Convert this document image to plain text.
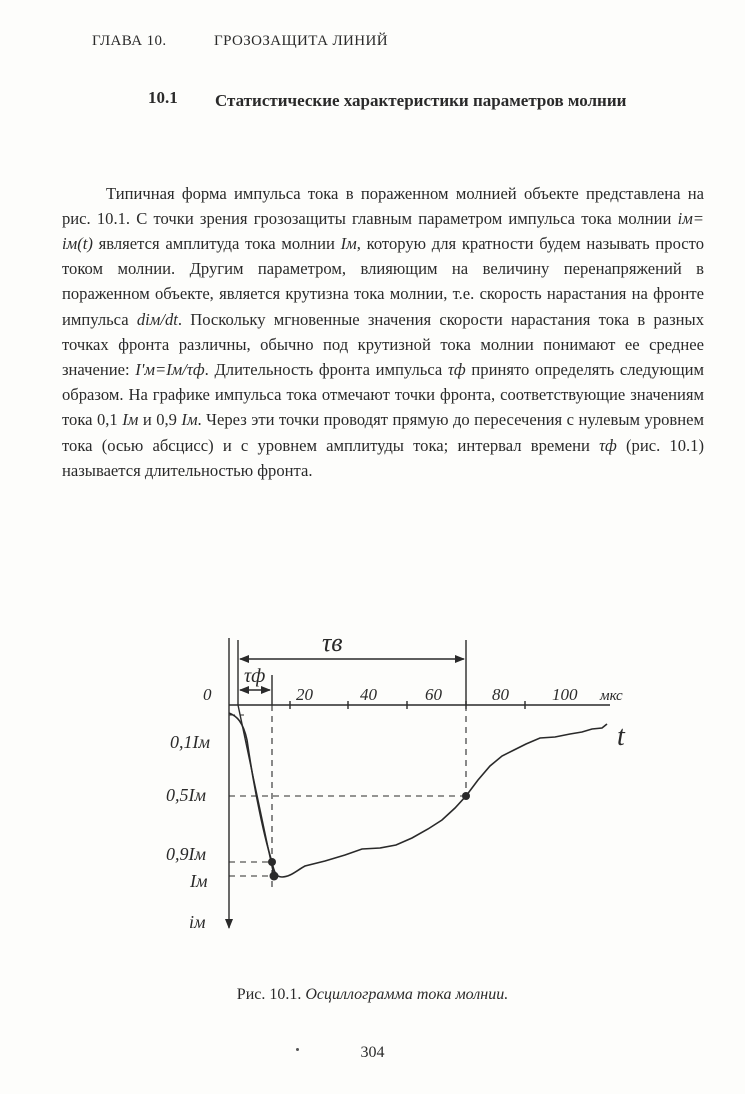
ГЛАВА 10.	ГРОЗОЗАЩИТА ЛИНИЙ
10.1 Статистические характеристики параметров молнии

Типичная форма импульса тока в пораженном молнией объекте представлена на рис. 10.1. С точки зрения грозозащиты главным параметром импульса тока молнии iм= iм(t) является амплитуда тока молнии Iм, которую для кратности будем называть просто током молнии. Другим параметром, влияющим на величину перенапряжений в пораженном объекте, является крутизна тока молнии, т.е. скорость нарастания на фронте импульса diм/dt. Поскольку мгновенные значения скорости нарастания тока в разных точках фронта различны, обычно под крутизной тока молнии понимают ее среднее значение: I'м=Iм/τф. Длительность фронта импульса τф принято определять следующим образом. На графике импульса тока отмечают точки фронта, соответствующие значениям тока 0,1 Iм и 0,9 Iм. Через эти точки проводят прямую до пересечения с нулевым уровнем тока (осью абсцисс) и с уровнем амплитуды тока; интервал времени τф (рис. 10.1) называется длительностью фронта.

τв
τф
0	20	40	60	80	100 мкс
t
0,1Iм
0,5Iм
0,9Iм
Iм
iм
Рис. 10.1. Осциллограмма тока молнии.
304
